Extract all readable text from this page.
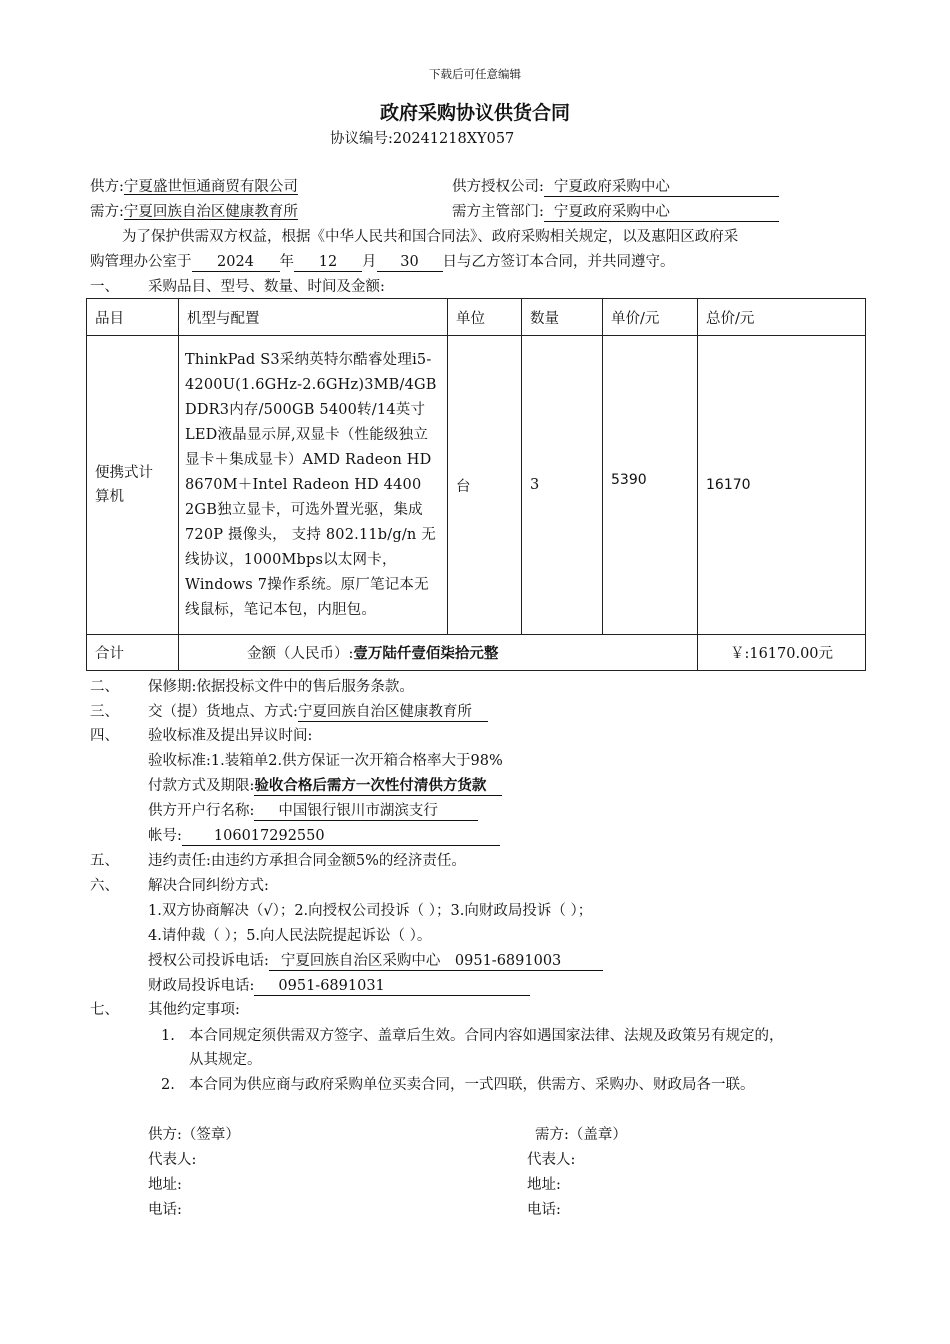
下载后可任意编辑
政府采购协议供货合同
协议编号:20241218XY057
供方:宁夏盛世恒通商贸有限公司	供方授权公司: 宁夏政府采购中心
需方:宁夏回族自治区健康教育所	需方主管部门: 宁夏政府采购中心
为了保护供需双方权益，根据《中华人民共和国合同法》、政府采购相关规定，以及惠阳区政府采
购管理办公室于 2024 年 12 月 30 日与乙方签订本合同，并共同遵守。
一、 采购品目、型号、数量、时间及金额:
品目	机型与配置	单位	数量	单价/元	总价/元
便携式计算机	ThinkPad S3采纳英特尔酷睿处理i5-4200U(1.6GHz-2.6GHz)3MB/4GB DDR3内存/500GB 5400转/14英寸LED液晶显示屏,双显卡（性能级独立显卡＋集成显卡）AMD Radeon HD 8670M＋Intel Radeon HD 4400 2GB独立显卡，可选外置光驱，集成 720P 摄像头， 支持 802.11b/g/n 无线协议，1000Mbps以太网卡，Windows 7操作系统。原厂笔记本无线鼠标，笔记本包，内胆包。	台	3	5390	16170
合计	金额（人民币）:壹万陆仟壹佰柒拾元整				￥:16170.00元
二、 保修期:依据投标文件中的售后服务条款。
三、 交（提）货地点、方式:宁夏回族自治区健康教育所
四、 验收标准及提出异议时间:
验收标准:1.装箱单2.供方保证一次开箱合格率大于98%
付款方式及期限:验收合格后需方一次性付清供方货款
供方开户行名称: 中国银行银川市湖滨支行
帐号: 106017292550
五、 违约责任:由违约方承担合同金额5%的经济责任。
六、 解决合同纠纷方式:
1.双方协商解决（√）；2.向授权公司投诉（ ）；3.向财政局投诉（ ）；
4.请仲裁（ ）；5.向人民法院提起诉讼（ ）。
授权公司投诉电话: 宁夏回族自治区采购中心　0951-6891003
财政局投诉电话: 0951-6891031
七、 其他约定事项:
1. 本合同规定须供需双方签字、盖章后生效。合同内容如遇国家法律、法规及政策另有规定的，
从其规定。
2. 本合同为供应商与政府采购单位买卖合同，一式四联，供需方、采购办、财政局各一联。
供方:（签章）	需方:（盖章）
代表人:	代表人:
地址:	地址:
电话:	电话:
